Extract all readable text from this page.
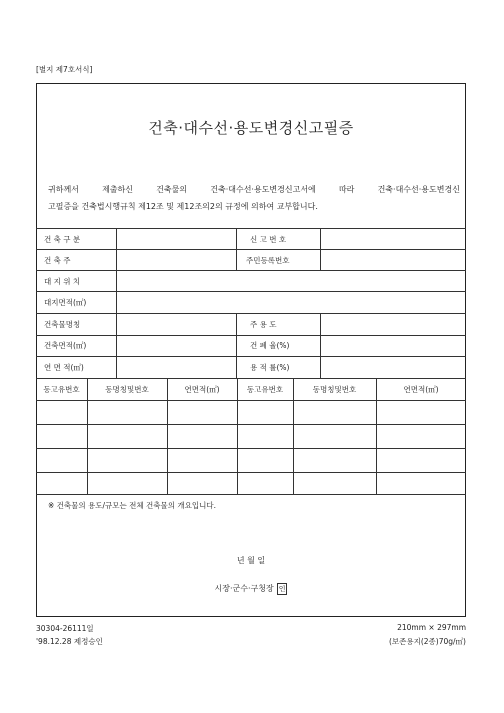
[별지 제7호서식]
건축·대수선·용도변경신고필증
귀하께서	제출하신	건축물의	건축·대수선·용도변경신고서에	따라	건축·대수선·용도변경신
고필증을 건축법시행규칙 제12조 및 제12조의2의 규정에 의하여 교부합니다.
건 축 구 분	신 고 번 호
건 축 주	주민등록번호
대 지 위 치
대지면적(㎡)
건축물명칭	주 용 도
건축면적(㎡)	건 폐 율(%)
연 면 적(㎡)	용 적 률(%)
동고유번호	동명칭및번호	연면적(㎡)	동고유번호	동명칭및번호	연면적(㎡)
※ 건축물의 용도/규모는 전체 건축물의 개요입니다.
년 월 일
시장·군수·구청장 인
30304-26111일
'98.12.28 제정승인
210mm × 297mm
(보존용지(2종)70g/㎡)
